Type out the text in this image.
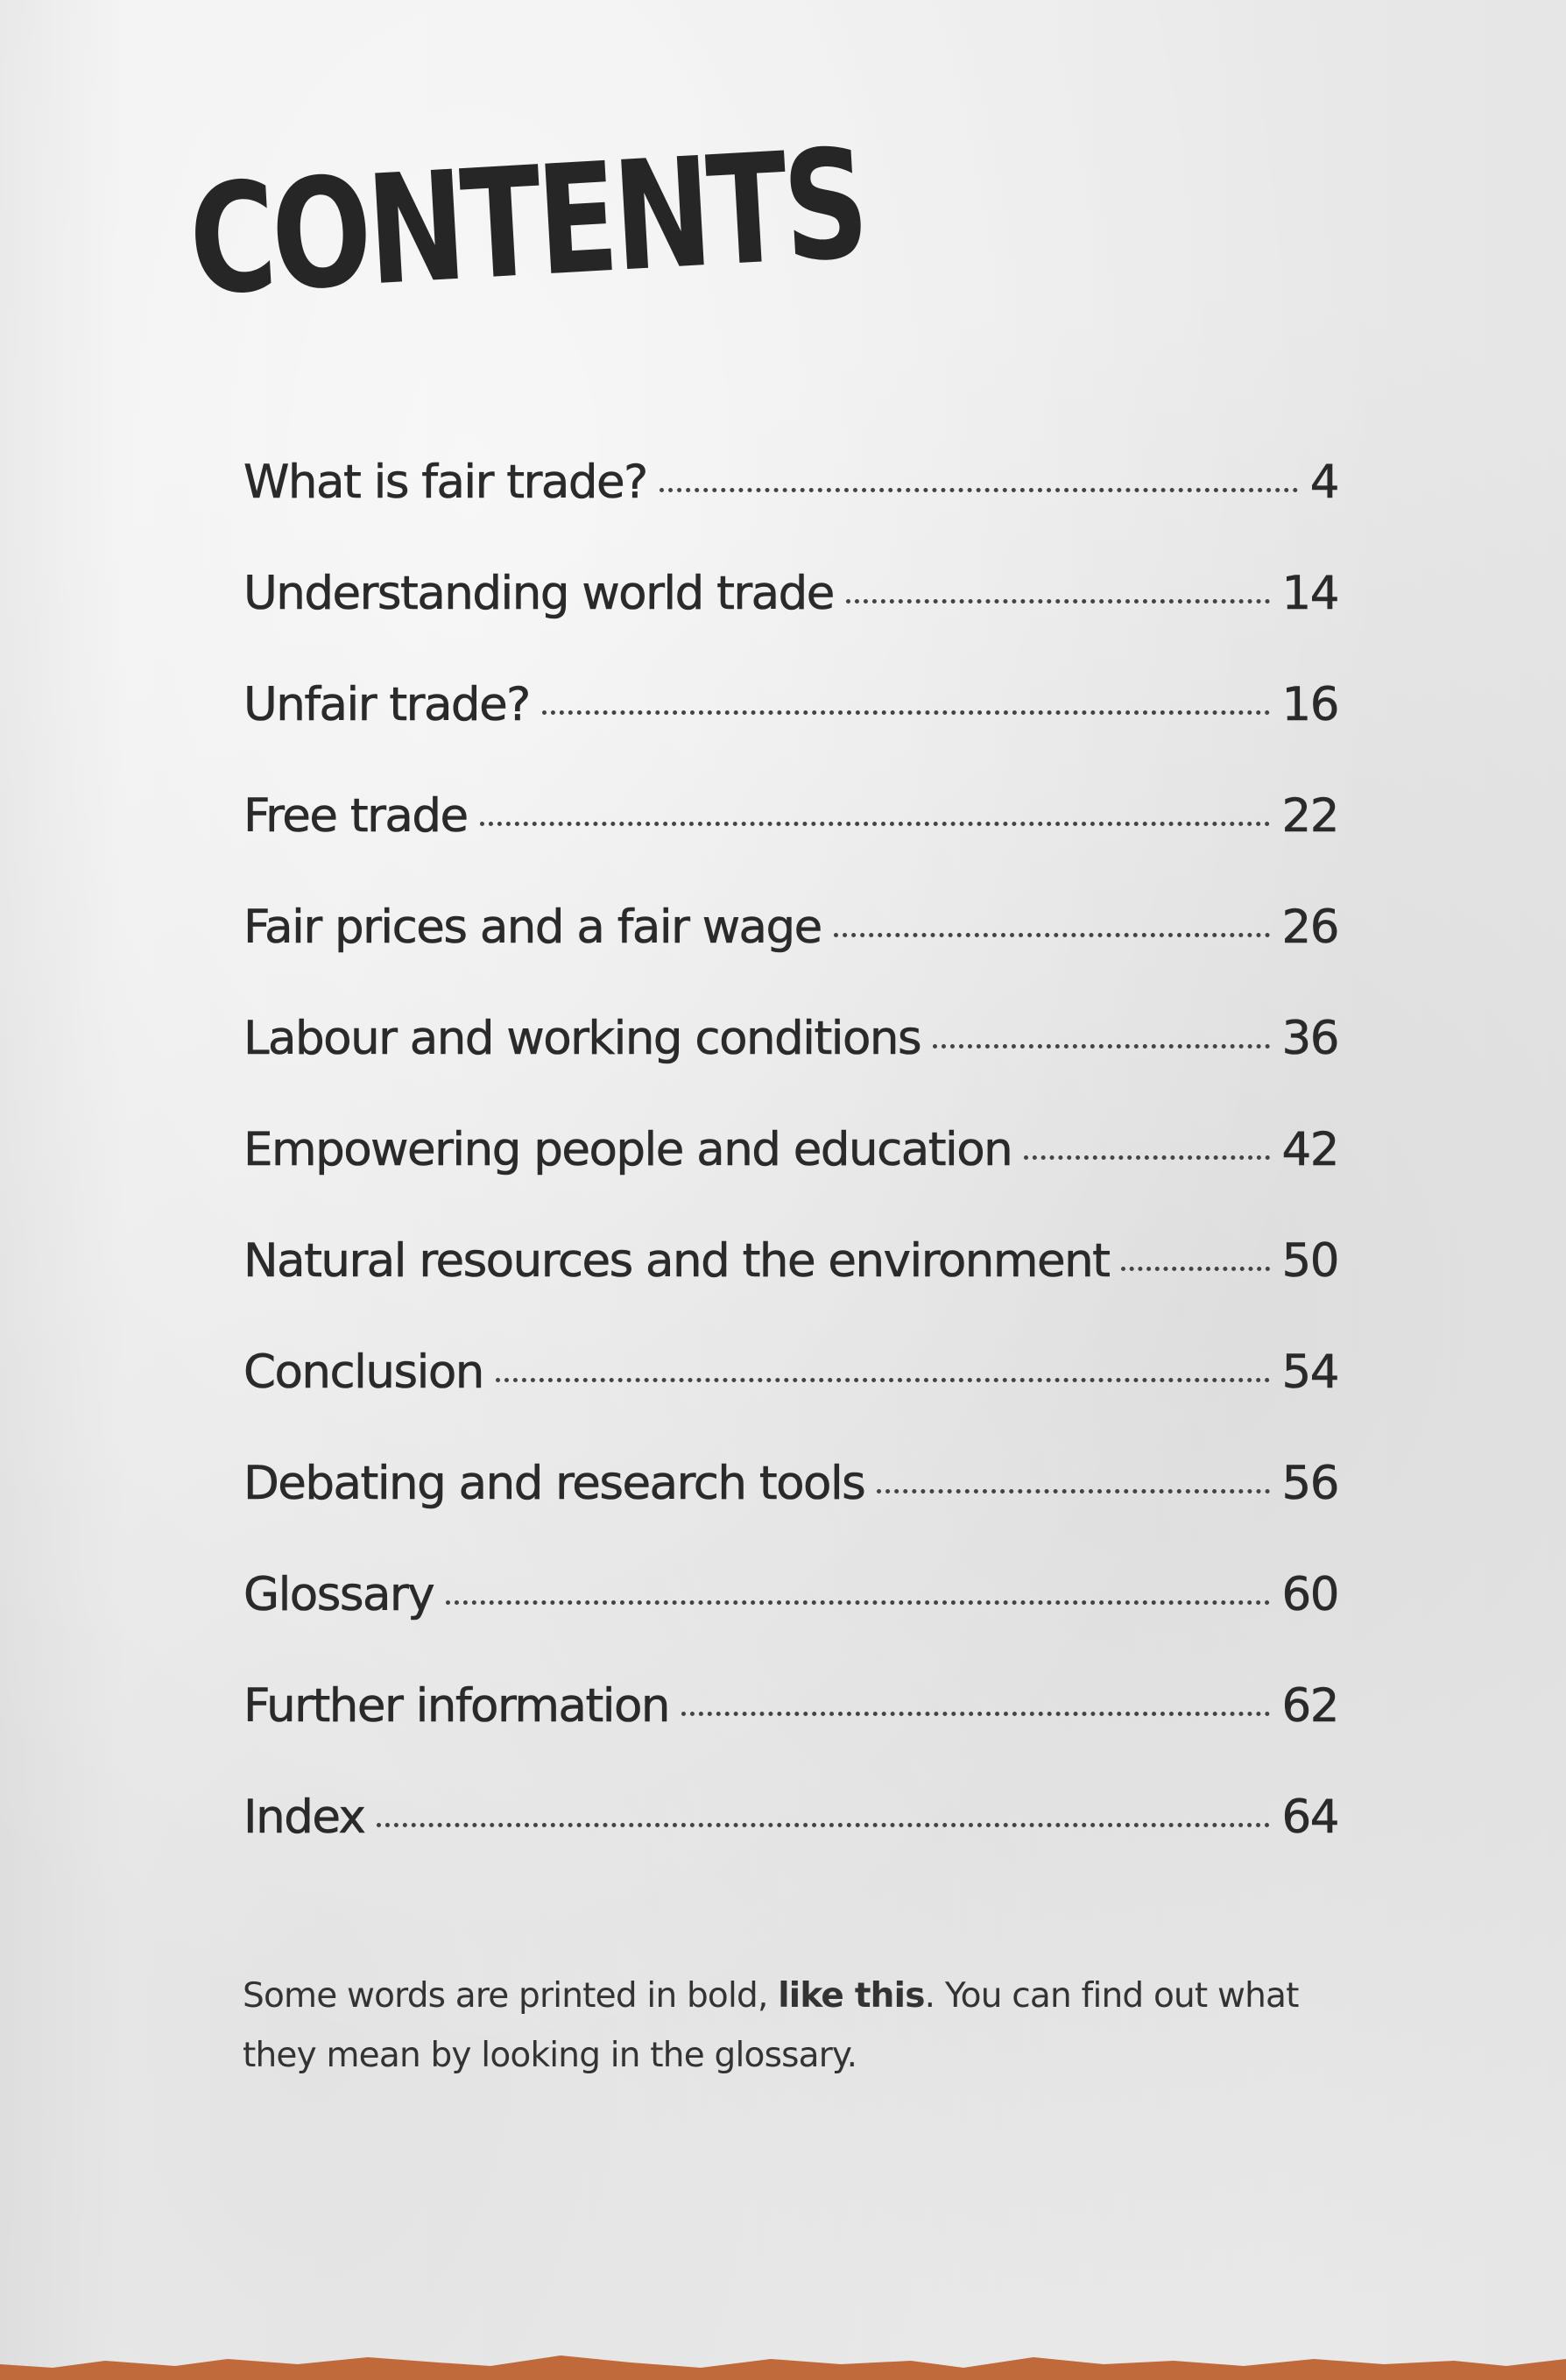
CONTENTS
What is fair trade?	4
Understanding world trade	14
Unfair trade?	16
Free trade	22
Fair prices and a fair wage	26
Labour and working conditions	36
Empowering people and education	42
Natural resources and the environment	50
Conclusion	54
Debating and research tools	56
Glossary	60
Further information	62
Index	64

Some words are printed in bold, like this. You can find out what they mean by looking in the glossary.
